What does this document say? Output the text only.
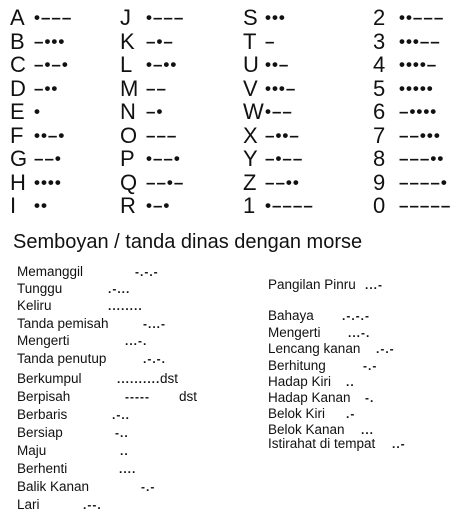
A •–––
B –•••
C –•–•
D –••
E •
F ••–•
G ––•
H ••••
I ••
J •–––
K –•–
L •–••
M ––
N –•
O –––
P •––•
Q ––•–
R •–•
S •••
T –
U ••–
V •••–
W •––
X –••–
Y –•––
Z ––••
1 •––––
2 ••–––
3 •••––
4 ••••–
5 •••••
6 –••••
7 ––•••
8 –––••
9 ––––•
0 –––––
Semboyan / tanda dinas dengan morse
Memanggil	-.-.-
Tunggu	.-...
Keliru	........
Tanda pemisah	-...-
Mengerti	...-.
Tanda penutup	.-.-.
Berkumpul	.......... dst
Berpisah	----- dst
Berbaris	.-..
Bersiap	-..
Maju	..
Berhenti	....
Balik Kanan	-.-
Lari	.--.
Pangilan Pinru ...-
Bahaya .-.-.-
Mengerti ...-.
Lencang kanan .-.-
Berhitung	-.-
Hadap Kiri ..
Hadap Kanan -.
Belok Kiri .-
Belok Kanan ...
Istirahat di tempat ..-
